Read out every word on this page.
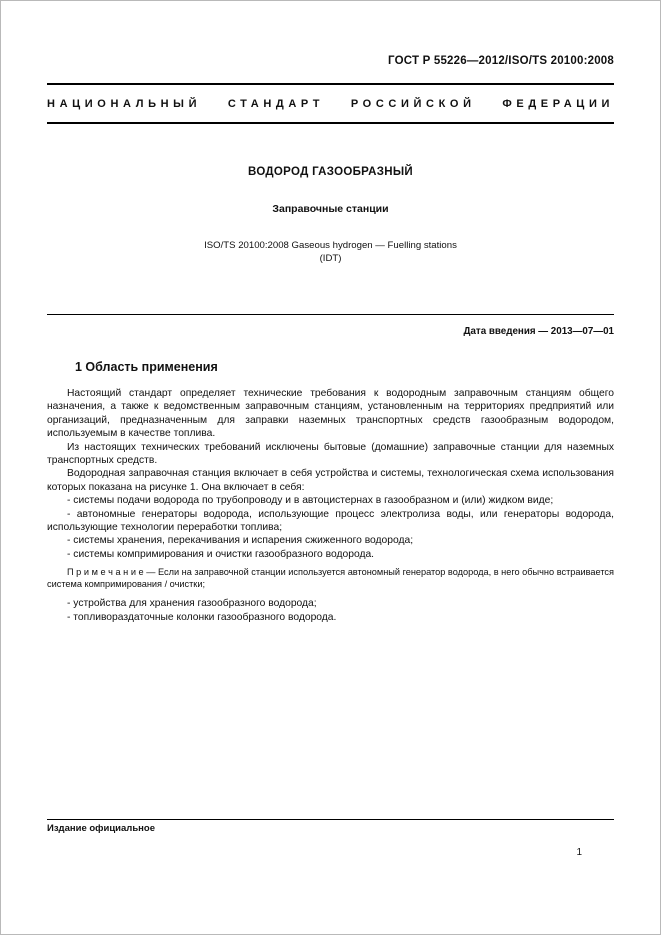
ГОСТ Р 55226—2012/ISO/TS 20100:2008
НАЦИОНАЛЬНЫЙ СТАНДАРТ РОССИЙСКОЙ ФЕДЕРАЦИИ
ВОДОРОД ГАЗООБРАЗНЫЙ
Заправочные станции
ISO/TS 20100:2008 Gaseous hydrogen — Fuelling stations
(IDT)
Дата введения — 2013—07—01
1 Область применения

Настоящий стандарт определяет технические требования к водородным заправочным станциям общего назначения, а также к ведомственным заправочным станциям, установленным на территориях предприятий или организаций, предназначенным для заправки наземных транспортных средств газообразным водородом, используемым в качестве топлива.

Из настоящих технических требований исключены бытовые (домашние) заправочные станции для наземных транспортных средств.

Водородная заправочная станция включает в себя устройства и системы, технологическая схема использования которых показана на рисунке 1. Она включает в себя:

- системы подачи водорода по трубопроводу и в автоцистернах в газообразном и (или) жидком виде;

- автономные генераторы водорода, использующие процесс электролиза воды, или генераторы водорода, использующие технологии переработки топлива;

- системы хранения, перекачивания и испарения сжиженного водорода;

- системы компримирования и очистки газообразного водорода.

П р и м е ч а н и е — Если на заправочной станции используется автономный генератор водорода, в него обычно встраивается система компримирования / очистки;

- устройства для хранения газообразного водорода;

- топливораздаточные колонки газообразного водорода.

Издание официальное
1
